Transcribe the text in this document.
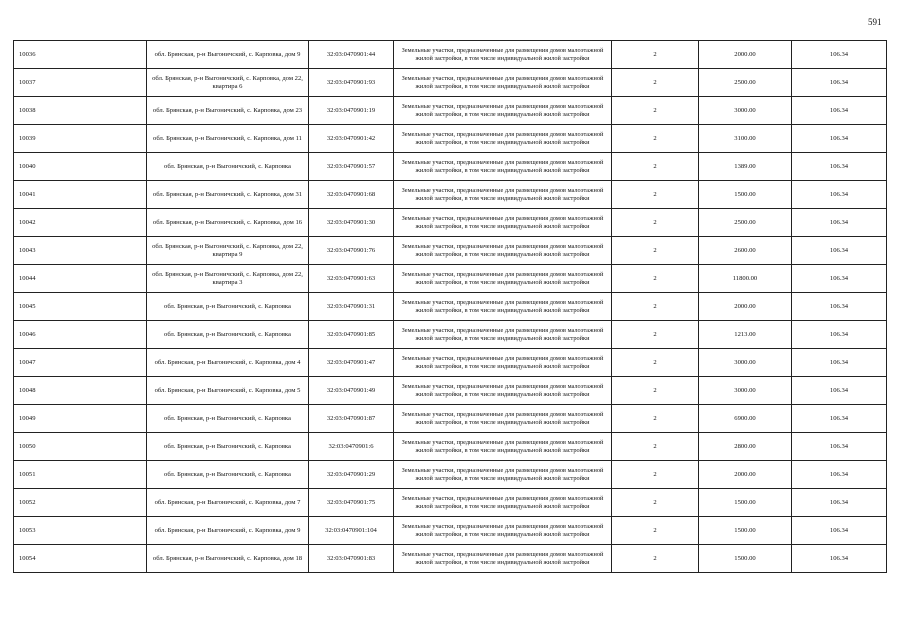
591
10036	обл. Брянская, р-н Выгоничский, с. Карповка, дом 9	32:03:0470901:44	Земельные участки, предназначенные для размещения домов малоэтажной жилой застройки, в том числе индивидуальной жилой застройки	2	2000.00	106.34	
10037	обл. Брянская, р-н Выгоничский, с. Карповка, дом 22, квартира 6	32:03:0470901:93	Земельные участки, предназначенные для размещения домов малоэтажной жилой застройки, в том числе индивидуальной жилой застройки	2	2500.00	106.34	
10038	обл. Брянская, р-н Выгоничский, с. Карповка, дом 23	32:03:0470901:19	Земельные участки, предназначенные для размещения домов малоэтажной жилой застройки, в том числе индивидуальной жилой застройки	2	3000.00	106.34	
10039	обл. Брянская, р-н Выгоничский, с. Карповка, дом 11	32:03:0470901:42	Земельные участки, предназначенные для размещения домов малоэтажной жилой застройки, в том числе индивидуальной жилой застройки	2	3100.00	106.34	
10040	обл. Брянская, р-н Выгоничский, с. Карповка	32:03:0470901:57	Земельные участки, предназначенные для размещения домов малоэтажной жилой застройки, в том числе индивидуальной жилой застройки	2	1389.00	106.34	
10041	обл. Брянская, р-н Выгоничский, с. Карповка, дом 31	32:03:0470901:68	Земельные участки, предназначенные для размещения домов малоэтажной жилой застройки, в том числе индивидуальной жилой застройки	2	1500.00	106.34	
10042	обл. Брянская, р-н Выгоничский, с. Карповка, дом 16	32:03:0470901:30	Земельные участки, предназначенные для размещения домов малоэтажной жилой застройки, в том числе индивидуальной жилой застройки	2	2500.00	106.34	
10043	обл. Брянская, р-н Выгоничский, с. Карповка, дом 22, квартира 9	32:03:0470901:76	Земельные участки, предназначенные для размещения домов малоэтажной жилой застройки, в том числе индивидуальной жилой застройки	2	2600.00	106.34	
10044	обл. Брянская, р-н Выгоничский, с. Карповка, дом 22, квартира 3	32:03:0470901:63	Земельные участки, предназначенные для размещения домов малоэтажной жилой застройки, в том числе индивидуальной жилой застройки	2	11800.00	106.34	
10045	обл. Брянская, р-н Выгоничский, с. Карповка	32:03:0470901:31	Земельные участки, предназначенные для размещения домов малоэтажной жилой застройки, в том числе индивидуальной жилой застройки	2	2000.00	106.34	
10046	обл. Брянская, р-н Выгоничский, с. Карповка	32:03:0470901:85	Земельные участки, предназначенные для размещения домов малоэтажной жилой застройки, в том числе индивидуальной жилой застройки	2	1213.00	106.34	
10047	обл. Брянская, р-н Выгоничский, с. Карповка, дом 4	32:03:0470901:47	Земельные участки, предназначенные для размещения домов малоэтажной жилой застройки, в том числе индивидуальной жилой застройки	2	3000.00	106.34	
10048	обл. Брянская, р-н Выгоничский, с. Карповка, дом 5	32:03:0470901:49	Земельные участки, предназначенные для размещения домов малоэтажной жилой застройки, в том числе индивидуальной жилой застройки	2	3000.00	106.34	
10049	обл. Брянская, р-н Выгоничский, с. Карповка	32:03:0470901:87	Земельные участки, предназначенные для размещения домов малоэтажной жилой застройки, в том числе индивидуальной жилой застройки	2	6900.00	106.34	
10050	обл. Брянская, р-н Выгоничский, с. Карповка	32:03:0470901:6	Земельные участки, предназначенные для размещения домов малоэтажной жилой застройки, в том числе индивидуальной жилой застройки	2	2800.00	106.34	
10051	обл. Брянская, р-н Выгоничский, с. Карповка	32:03:0470901:29	Земельные участки, предназначенные для размещения домов малоэтажной жилой застройки, в том числе индивидуальной жилой застройки	2	2000.00	106.34	
10052	обл. Брянская, р-н Выгоничский, с. Карповка, дом 7	32:03:0470901:75	Земельные участки, предназначенные для размещения домов малоэтажной жилой застройки, в том числе индивидуальной жилой застройки	2	1500.00	106.34	
10053	обл. Брянская, р-н Выгоничский, с. Карповка, дом 9	32:03:0470901:104	Земельные участки, предназначенные для размещения домов малоэтажной жилой застройки, в том числе индивидуальной жилой застройки	2	1500.00	106.34	
10054	обл. Брянская, р-н Выгоничский, с. Карповка, дом 18	32:03:0470901:83	Земельные участки, предназначенные для размещения домов малоэтажной жилой застройки, в том числе индивидуальной жилой застройки	2	1500.00	106.34	
